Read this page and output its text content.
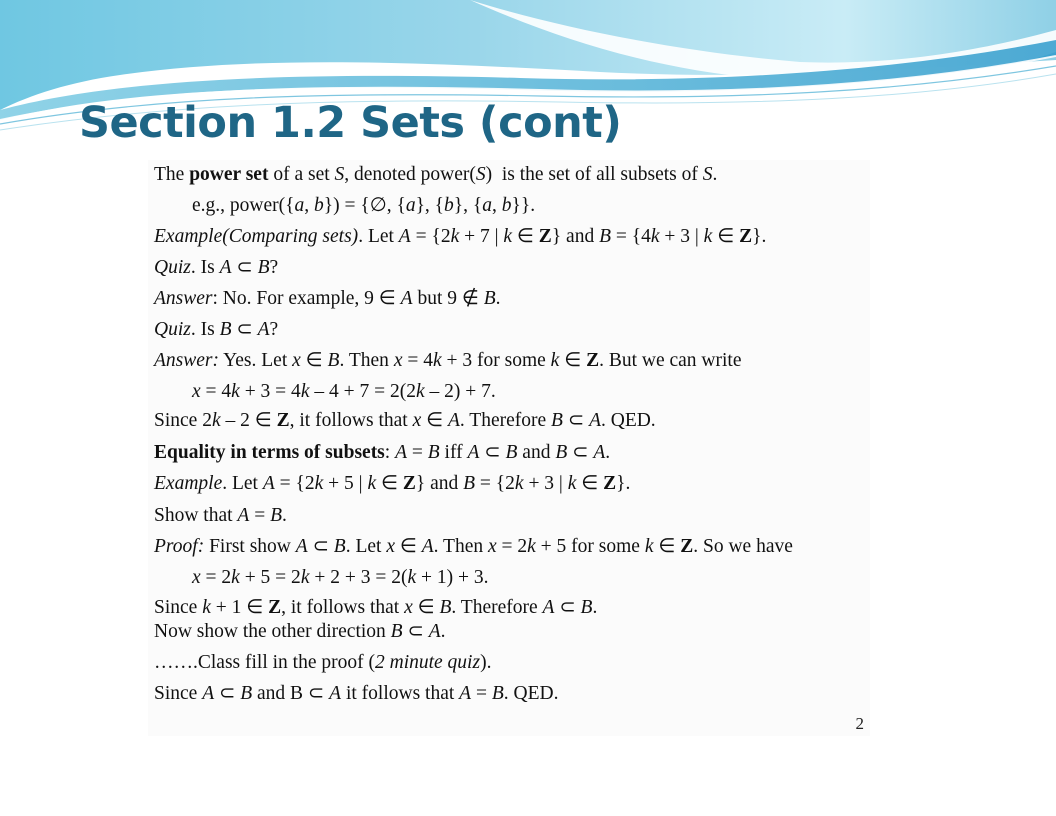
Section 1.2 Sets (cont)
The power set of a set S, denoted power(S)  is the set of all subsets of S.
e.g., power({a, b}) = {∅, {a}, {b}, {a, b}}.
Example(Comparing sets). Let A = {2k + 7 | k ∈ Z} and B = {4k + 3 | k ∈ Z}.
Quiz. Is A ⊂ B?
Answer: No. For example, 9 ∈ A but 9 ∉ B.
Quiz. Is B ⊂ A?
Answer: Yes. Let x ∈ B. Then x = 4k + 3 for some k ∈ Z. But we can write
x = 4k + 3 = 4k – 4 + 7 = 2(2k – 2) + 7.
Since 2k – 2 ∈ Z, it follows that x ∈ A. Therefore B ⊂ A. QED.
Equality in terms of subsets: A = B iff A ⊂ B and B ⊂ A.
Example. Let A = {2k + 5 | k ∈ Z} and B = {2k + 3 | k ∈ Z}.
Show that A = B.
Proof: First show A ⊂ B. Let x ∈ A. Then x = 2k + 5 for some k ∈ Z. So we have
x = 2k + 5 = 2k + 2 + 3 = 2(k + 1) + 3.
Since k + 1 ∈ Z, it follows that x ∈ B. Therefore A ⊂ B.
Now show the other direction B ⊂ A.
…….Class fill in the proof (2 minute quiz).
Since A ⊂ B and B ⊂ A it follows that A = B. QED.
2
